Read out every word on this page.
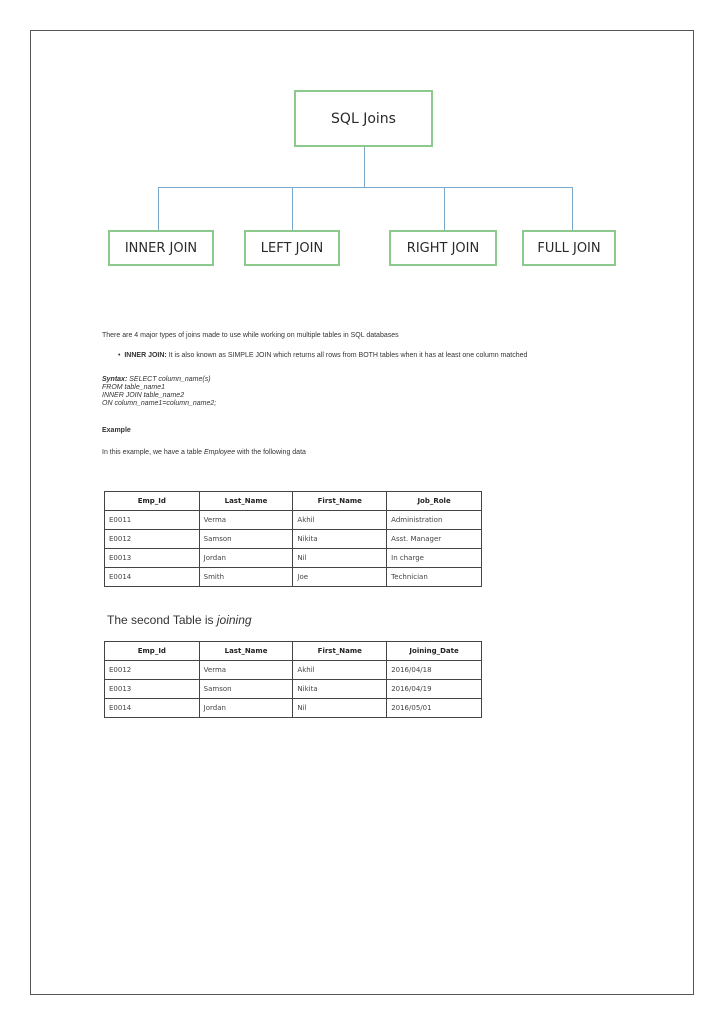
SQL Joins
INNER JOIN	LEFT JOIN	RIGHT JOIN	FULL JOIN
There are 4 major types of joins made to use while working on multiple tables in SQL databases
•  INNER JOIN: It is also known as SIMPLE JOIN which returns all rows from BOTH tables when it has at least one column matched
Syntax: SELECT column_name(s)
FROM table_name1
INNER JOIN table_name2
ON column_name1=column_name2;
Example
In this example, we have a table Employee with the following data
Emp_Id	Last_Name	First_Name	Job_Role
E0011	Verma	Akhil	Administration
E0012	Samson	Nikita	Asst. Manager
E0013	Jordan	Nil	In charge
E0014	Smith	Joe	Technician
The second Table is joining
Emp_Id	Last_Name	First_Name	Joining_Date
E0012	Verma	Akhil	2016/04/18
E0013	Samson	Nikita	2016/04/19
E0014	Jordan	Nil	2016/05/01
